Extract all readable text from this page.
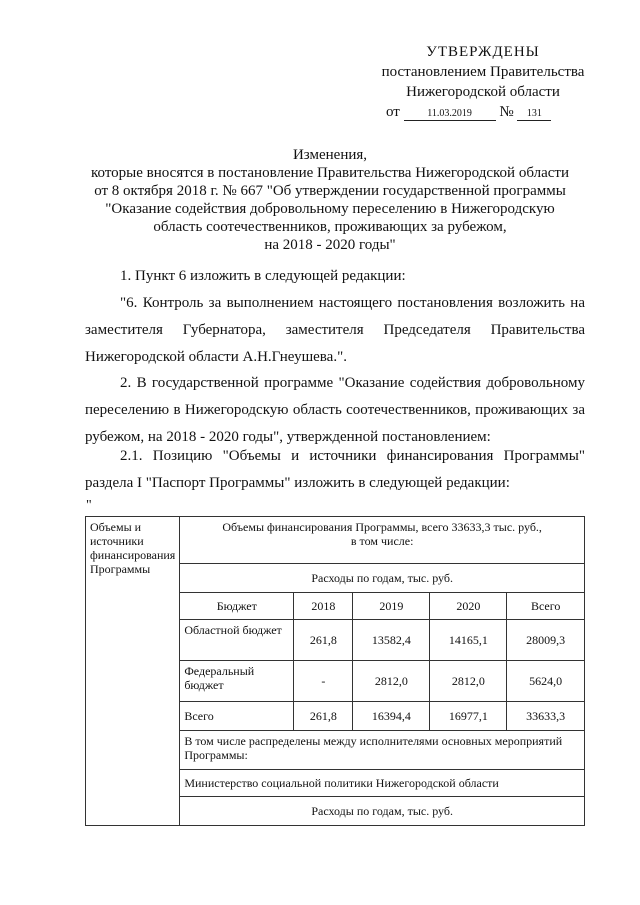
УТВЕРЖДЕНЫ
постановлением Правительства
Нижегородской области
от	11.03.2019 № 131
Изменения,
которые вносятся в постановление Правительства Нижегородской области
от 8 октября 2018 г. № 667 "Об утверждении государственной программы
"Оказание содействия добровольному переселению в Нижегородскую
область соотечественников, проживающих за рубежом,
на 2018 - 2020 годы"
1. Пункт 6 изложить в следующей редакции:
"6. Контроль за выполнением настоящего постановления возложить на заместителя Губернатора, заместителя Председателя Правительства Нижегородской области А.Н.Гнеушева.".
2. В государственной программе "Оказание содействия добровольному переселению в Нижегородскую область соотечественников, проживающих за рубежом, на 2018 - 2020 годы", утвержденной постановлением:
2.1. Позицию "Объемы и источники финансирования Программы" раздела I "Паспорт Программы" изложить в следующей редакции:
"
Объемы и источники финансирования Программы	Объемы финансирования Программы, всего 33633,3 тыс. руб.,
в том числе:				

	Расходы по годам, тыс. руб.				
	Бюджет	2018	2019	2020	Всего
	Областной бюджет	261,8	13582,4	14165,1	28009,3
	Федеральный бюджет	-	2812,0	2812,0	5624,0
	Всего	261,8	16394,4	16977,1	33633,3
	В том числе распределены между исполнителями основных мероприятий Программы:				
	Министерство социальной политики Нижегородской области				
	Расходы по годам, тыс. руб.				
